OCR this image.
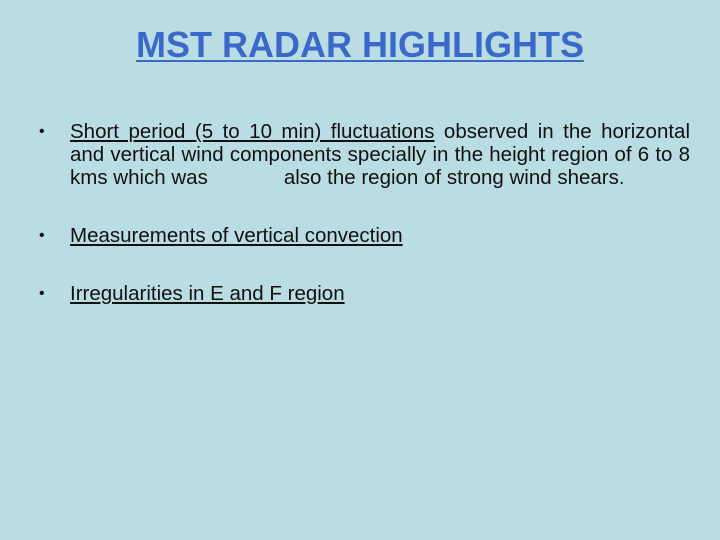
MST RADAR HIGHLIGHTS
• Short period (5 to 10 min) fluctuations observed in the horizontal and vertical wind components specially in the height region of 6 to 8 kms which was	also the region of strong wind shears.
• Measurements of vertical convection
• Irregularities in E and F region
